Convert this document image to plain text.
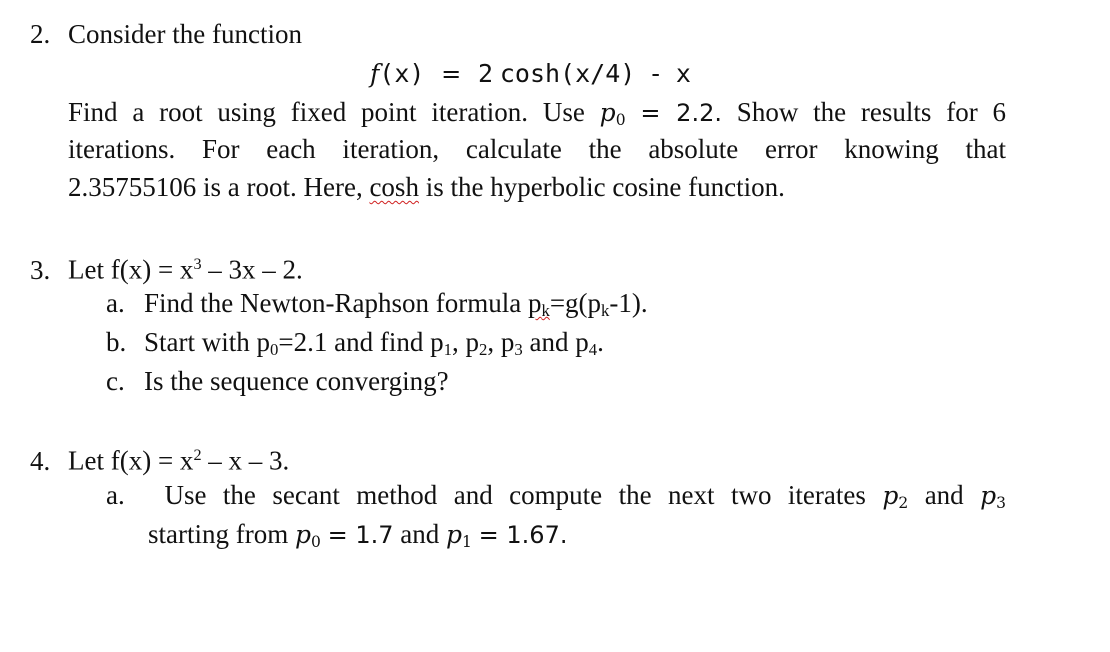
2. Consider the function
f(x) = 2 cosh(x/4) - x
Find a root using fixed point iteration. Use $p_0 = 2.2$. Show the results for 6
iterations. For each iteration, calculate the absolute error knowing that
2.35755106 is a root. Here, cosh is the hyperbolic cosine function.
3. Let $f(x) = x^3 - 3x - 2$.
a. Find the Newton-Raphson formula $p_k=g(p_k-1)$.
b. Start with $p_0=2.1$ and find $p_1$, $p_2$, $p_3$ and $p_4$.
c. Is the sequence converging?
4. Let $f(x) = x^2 - x - 3$.
a. Use the secant method and compute the next two iterates $p_2$ and $p_3$
starting from $p_0 = 1.7$ and $p_1 = 1.67$.
